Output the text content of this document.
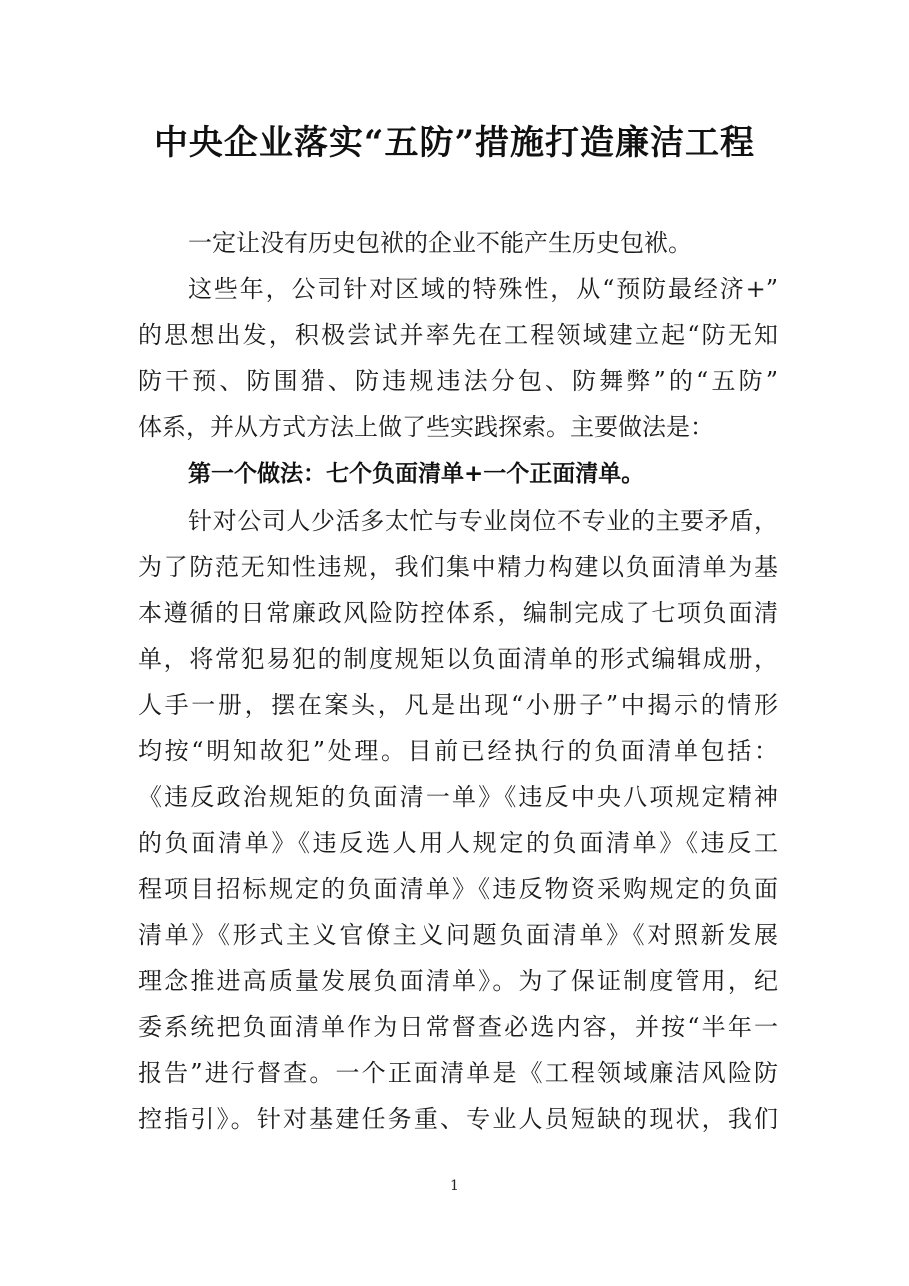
中央企业落实“五防”措施打造廉洁工程
一定让没有历史包袱的企业不能产生历史包袱。
这些年，公司针对区域的特殊性，从“预防最经济+”
的思想出发，积极尝试并率先在工程领域建立起“防无知
防干预、防围猎、防违规违法分包、防舞弊”的“五防”
体系，并从方式方法上做了些实践探索。主要做法是：
第一个做法：七个负面清单+一个正面清单。
针对公司人少活多太忙与专业岗位不专业的主要矛盾，
为了防范无知性违规，我们集中精力构建以负面清单为基
本遵循的日常廉政风险防控体系，编制完成了七项负面清
单，将常犯易犯的制度规矩以负面清单的形式编辑成册，
人手一册，摆在案头，凡是出现“小册子”中揭示的情形
均按“明知故犯”处理。目前已经执行的负面清单包括：
《违反政治规矩的负面清一单》《违反中央八项规定精神
的负面清单》《违反选人用人规定的负面清单》《违反工
程项目招标规定的负面清单》《违反物资采购规定的负面
清单》《形式主义官僚主义问题负面清单》《对照新发展
理念推进高质量发展负面清单》。为了保证制度管用，纪
委系统把负面清单作为日常督查必选内容，并按“半年一
报告”进行督查。一个正面清单是《工程领域廉洁风险防
控指引》。针对基建任务重、专业人员短缺的现状，我们
1
